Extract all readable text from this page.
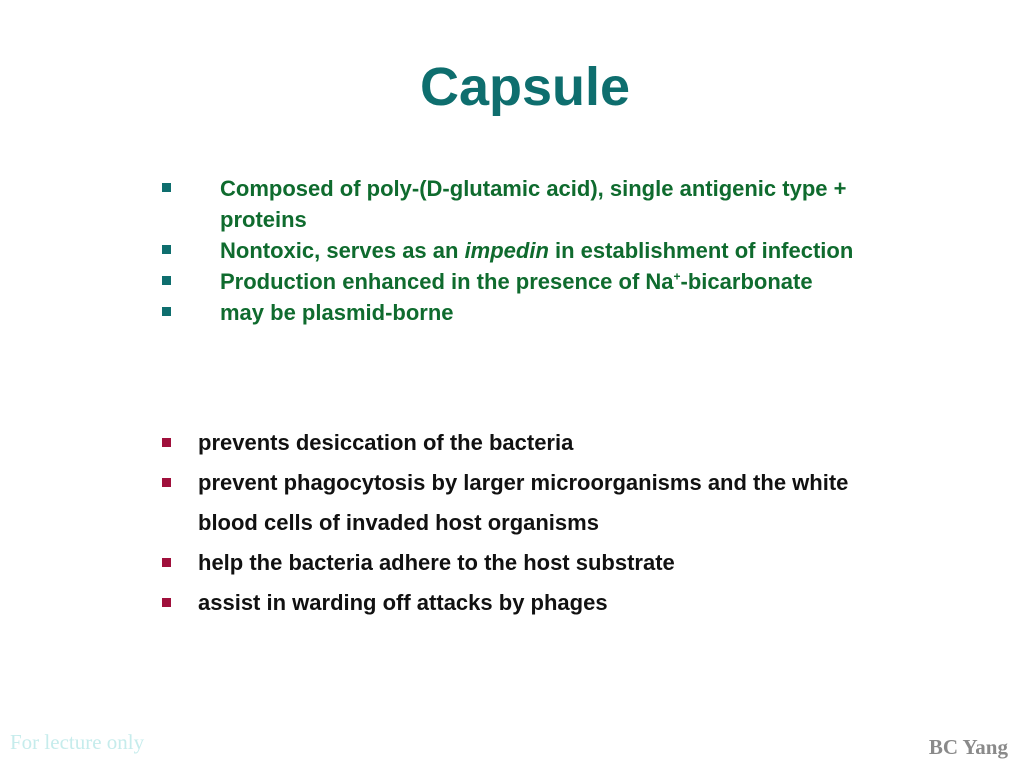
Capsule
Composed of poly-(D-glutamic acid), single antigenic type + proteins
Nontoxic, serves as an impedin in establishment of infection
Production enhanced in the presence of Na+-bicarbonate
may be plasmid-borne
prevents desiccation of the bacteria
prevent phagocytosis by larger microorganisms and the white blood cells of invaded host organisms
help the bacteria adhere to the host substrate
assist in warding off attacks by phages
For lecture only	BC Yang
